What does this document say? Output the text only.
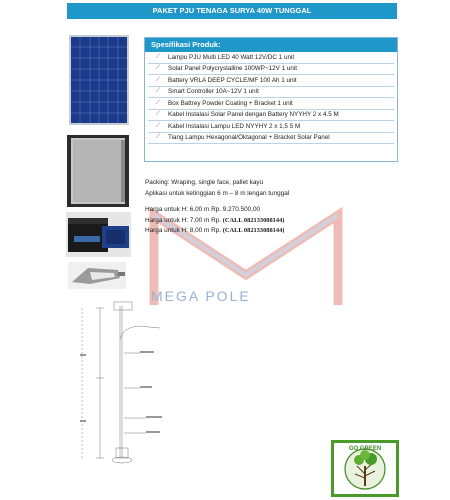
PAKET PJU TENAGA SURYA 40W TUNGGAL
MEGA POLE
Spesifikasi Produk:
⟋	Lampu PJU Multi LED 40 Watt 12V/DC 1 unit
⟋	Solar Panel Polycrystalline 100WP~12V 1 unit
⟋	Battery VRLA DEEP CYCLE/MF 100 Ah 1 unit
⟋	Smart Controller 10A~12V 1 unit
⟋	Box Battrey Powder Coating + Bracket 1 unit
⟋	Kabel Instalasi Solar Panel dengan Battery NYYHY 2 x 4.5 M
⟋	Kabel Instalasi Lampu LED NYYHY 2 x 1,5 5 M
⟋	Tiang Lampu Hexagonal/Oktagonal + Bracket Solar Panel
Packing: Wraping, single face, pallet kayu
Aplikasi untuk ketinggian 6 m – 8 m lengan tunggal
Harga untuk H: 6,00 m Rp. 9.270.500,00
Harga untuk H: 7,00 m Rp. (CALL 082133088144)
Harga untuk H: 8,00 m Rp. (CALL 082133088144)
GO GREEN
